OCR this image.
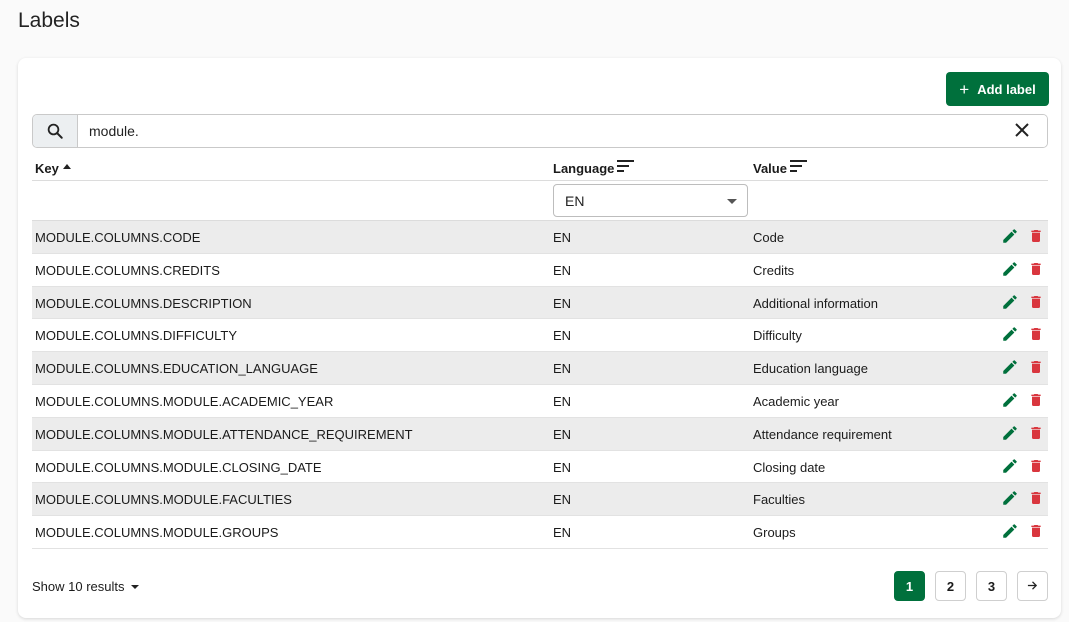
Labels
+ Add label
module.
Key	Language	Value
EN
MODULE.COLUMNS.CODE	EN	Code
MODULE.COLUMNS.CREDITS	EN	Credits
MODULE.COLUMNS.DESCRIPTION	EN	Additional information
MODULE.COLUMNS.DIFFICULTY	EN	Difficulty
MODULE.COLUMNS.EDUCATION_LANGUAGE	EN	Education language
MODULE.COLUMNS.MODULE.ACADEMIC_YEAR	EN	Academic year
MODULE.COLUMNS.MODULE.ATTENDANCE_REQUIREMENT	EN	Attendance requirement
MODULE.COLUMNS.MODULE.CLOSING_DATE	EN	Closing date
MODULE.COLUMNS.MODULE.FACULTIES	EN	Faculties
MODULE.COLUMNS.MODULE.GROUPS	EN	Groups
Show 10 results	1	2	3
